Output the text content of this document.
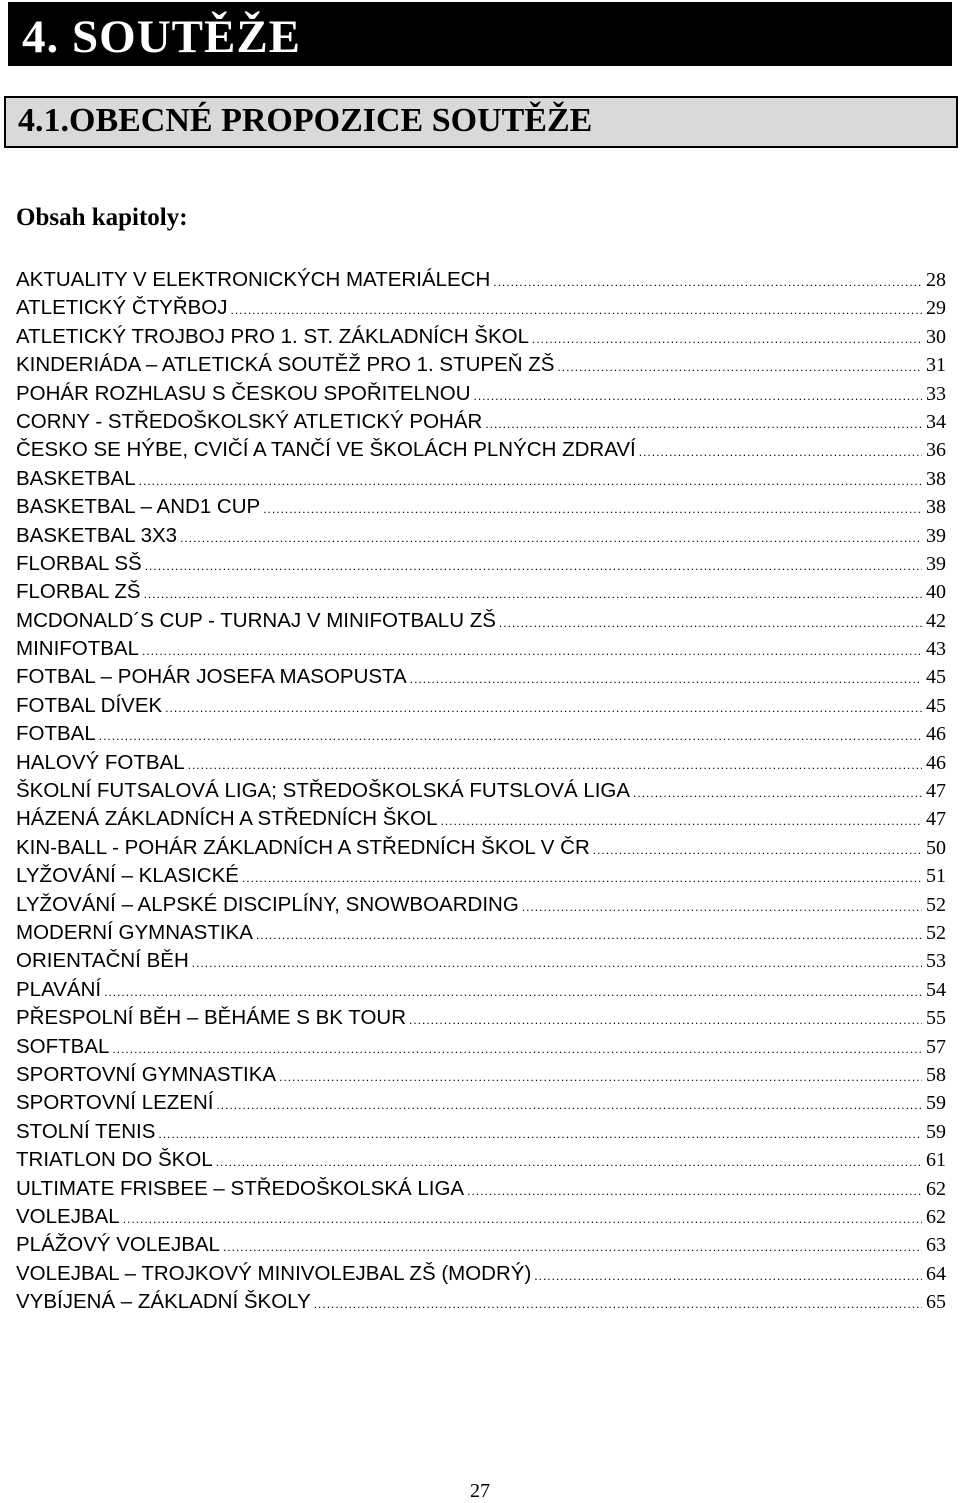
4. SOUTĚŽE
4.1.OBECNÉ PROPOZICE SOUTĚŽE
Obsah kapitoly:
AKTUALITY V ELEKTRONICKÝCH MATERIÁLECH .....	28
ATLETICKÝ ČTYŘBOJ .....	29
ATLETICKÝ TROJBOJ PRO 1. ST. ZÁKLADNÍCH ŠKOL .....	30
KINDERIÁDA – ATLETICKÁ SOUTĚŽ PRO 1. STUPEŇ ZŠ .....	31
POHÁR ROZHLASU S ČESKOU SPOŘITELNOU .....	33
CORNY - STŘEDOŠKOLSKÝ ATLETICKÝ POHÁR .....	34
ČESKO SE HÝBE, CVIČÍ A TANČÍ VE ŠKOLÁCH PLNÝCH ZDRAVÍ .....	36
BASKETBAL .....	38
BASKETBAL – AND1 CUP .....	38
BASKETBAL 3X3 .....	39
FLORBAL SŠ .....	39
FLORBAL ZŠ .....	40
MCDONALD´S CUP - TURNAJ V MINIFOTBALU ZŠ .....	42
MINIFOTBAL .....	43
FOTBAL – POHÁR JOSEFA MASOPUSTA .....	45
FOTBAL DÍVEK .....	45
FOTBAL .....	46
HALOVÝ FOTBAL .....	46
ŠKOLNÍ FUTSALOVÁ LIGA; STŘEDOŠKOLSKÁ FUTSLOVÁ LIGA .....	47
HÁZENÁ ZÁKLADNÍCH A STŘEDNÍCH ŠKOL .....	47
KIN-BALL - POHÁR ZÁKLADNÍCH A STŘEDNÍCH ŠKOL V ČR .....	50
LYŽOVÁNÍ – KLASICKÉ .....	51
LYŽOVÁNÍ – ALPSKÉ DISCIPLÍNY, SNOWBOARDING .....	52
MODERNÍ GYMNASTIKA .....	52
ORIENTAČNÍ BĚH .....	53
PLAVÁNÍ .....	54
PŘESPOLNÍ BĚH – BĚHÁME S BK TOUR .....	55
SOFTBAL .....	57
SPORTOVNÍ GYMNASTIKA .....	58
SPORTOVNÍ LEZENÍ .....	59
STOLNÍ TENIS .....	59
TRIATLON DO ŠKOL .....	61
ULTIMATE FRISBEE – STŘEDOŠKOLSKÁ LIGA .....	62
VOLEJBAL .....	62
PLÁŽOVÝ VOLEJBAL .....	63
VOLEJBAL – TROJKOVÝ MINIVOLEJBAL ZŠ (MODRÝ) .....	64
VYBÍJENÁ – ZÁKLADNÍ ŠKOLY .....	65
27
